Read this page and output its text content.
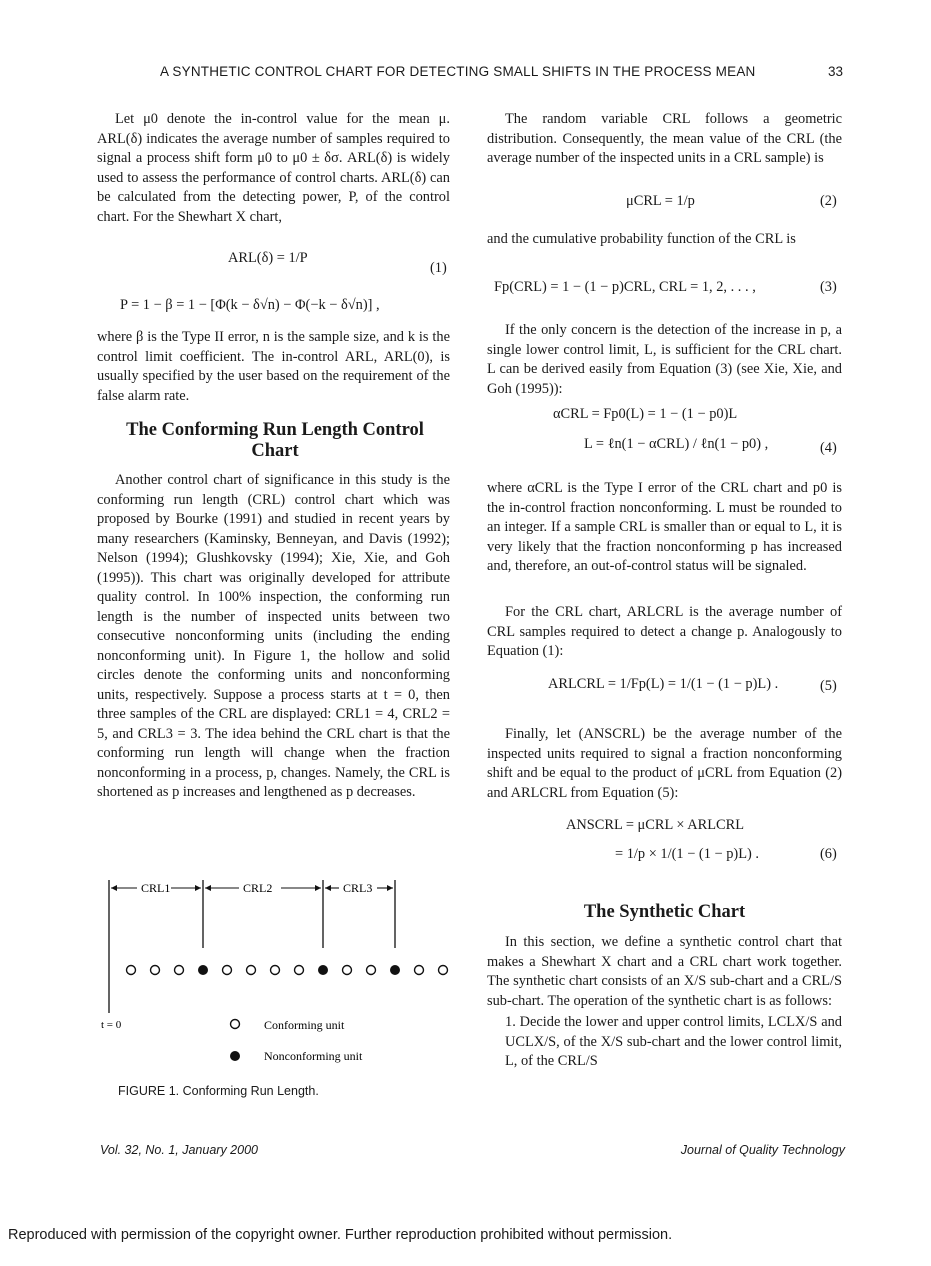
A SYNTHETIC CONTROL CHART FOR DETECTING SMALL SHIFTS IN THE PROCESS MEAN	33

Let μ0 denote the in-control value for the mean μ. ARL(δ) indicates the average number of samples required to signal a process shift form μ0 to μ0 ± δσ. ARL(δ) is widely used to assess the performance of control charts. ARL(δ) can be calculated from the detecting power, P, of the control chart. For the Shewhart X chart,

ARL(δ) = 1/P
(1)
P = 1 − β = 1 − [Φ(k − δ√n) − Φ(−k − δ√n)] ,

where β is the Type II error, n is the sample size, and k is the control limit coefficient. The in-control ARL, ARL(0), is usually specified by the user based on the requirement of the false alarm rate.

The Conforming Run Length Control Chart

Another control chart of significance in this study is the conforming run length (CRL) control chart which was proposed by Bourke (1991) and studied in recent years by many researchers (Kaminsky, Benneyan, and Davis (1992); Nelson (1994); Glushkovsky (1994); Xie, Xie, and Goh (1995)). This chart was originally developed for attribute quality control. In 100% inspection, the conforming run length is the number of inspected units between two consecutive nonconforming units (including the ending nonconforming unit). In Figure 1, the hollow and solid circles denote the conforming units and nonconforming units, respectively. Suppose a process starts at t = 0, then three samples of the CRL are displayed: CRL1 = 4, CRL2 = 5, and CRL3 = 3. The idea behind the CRL chart is that the conforming run length will change when the fraction nonconforming in a process, p, changes. Namely, the CRL is shortened as p increases and lengthened as p decreases.

CRL1	CRL2	CRL3
t = 0	Conforming unit
Nonconforming unit
FIGURE 1. Conforming Run Length.

The random variable CRL follows a geometric distribution. Consequently, the mean value of the CRL (the average number of the inspected units in a CRL sample) is

μCRL = 1/p	(2)

and the cumulative probability function of the CRL is

Fp(CRL) = 1 − (1 − p)CRL, CRL = 1, 2, . . . ,	(3)

If the only concern is the detection of the increase in p, a single lower control limit, L, is sufficient for the CRL chart. L can be derived easily from Equation (3) (see Xie, Xie, and Goh (1995)):

αCRL = Fp0(L) = 1 − (1 − p0)L
L = ℓn(1 − αCRL) / ℓn(1 − p0) ,	(4)

where αCRL is the Type I error of the CRL chart and p0 is the in-control fraction nonconforming. L must be rounded to an integer. If a sample CRL is smaller than or equal to L, it is very likely that the fraction nonconforming p has increased and, therefore, an out-of-control status will be signaled.

For the CRL chart, ARLCRL is the average number of CRL samples required to detect a change p. Analogously to Equation (1):

ARLCRL = 1/Fp(L) = 1/(1 − (1 − p)L) .	(5)

Finally, let (ANSCRL) be the average number of the inspected units required to signal a fraction nonconforming shift and be equal to the product of μCRL from Equation (2) and ARLCRL from Equation (5):

ANSCRL = μCRL × ARLCRL
= 1/p × 1/(1 − (1 − p)L) .	(6)
The Synthetic Chart

In this section, we define a synthetic control chart that makes a Shewhart X chart and a CRL chart work together. The synthetic chart consists of an X/S sub-chart and a CRL/S sub-chart. The operation of the synthetic chart is as follows:

1. Decide the lower and upper control limits, LCLX/S and UCLX/S, of the X/S sub-chart and the lower control limit, L, of the CRL/S

Vol. 32, No. 1, January 2000	Journal of Quality Technology
Reproduced with permission of the copyright owner. Further reproduction prohibited without permission.
